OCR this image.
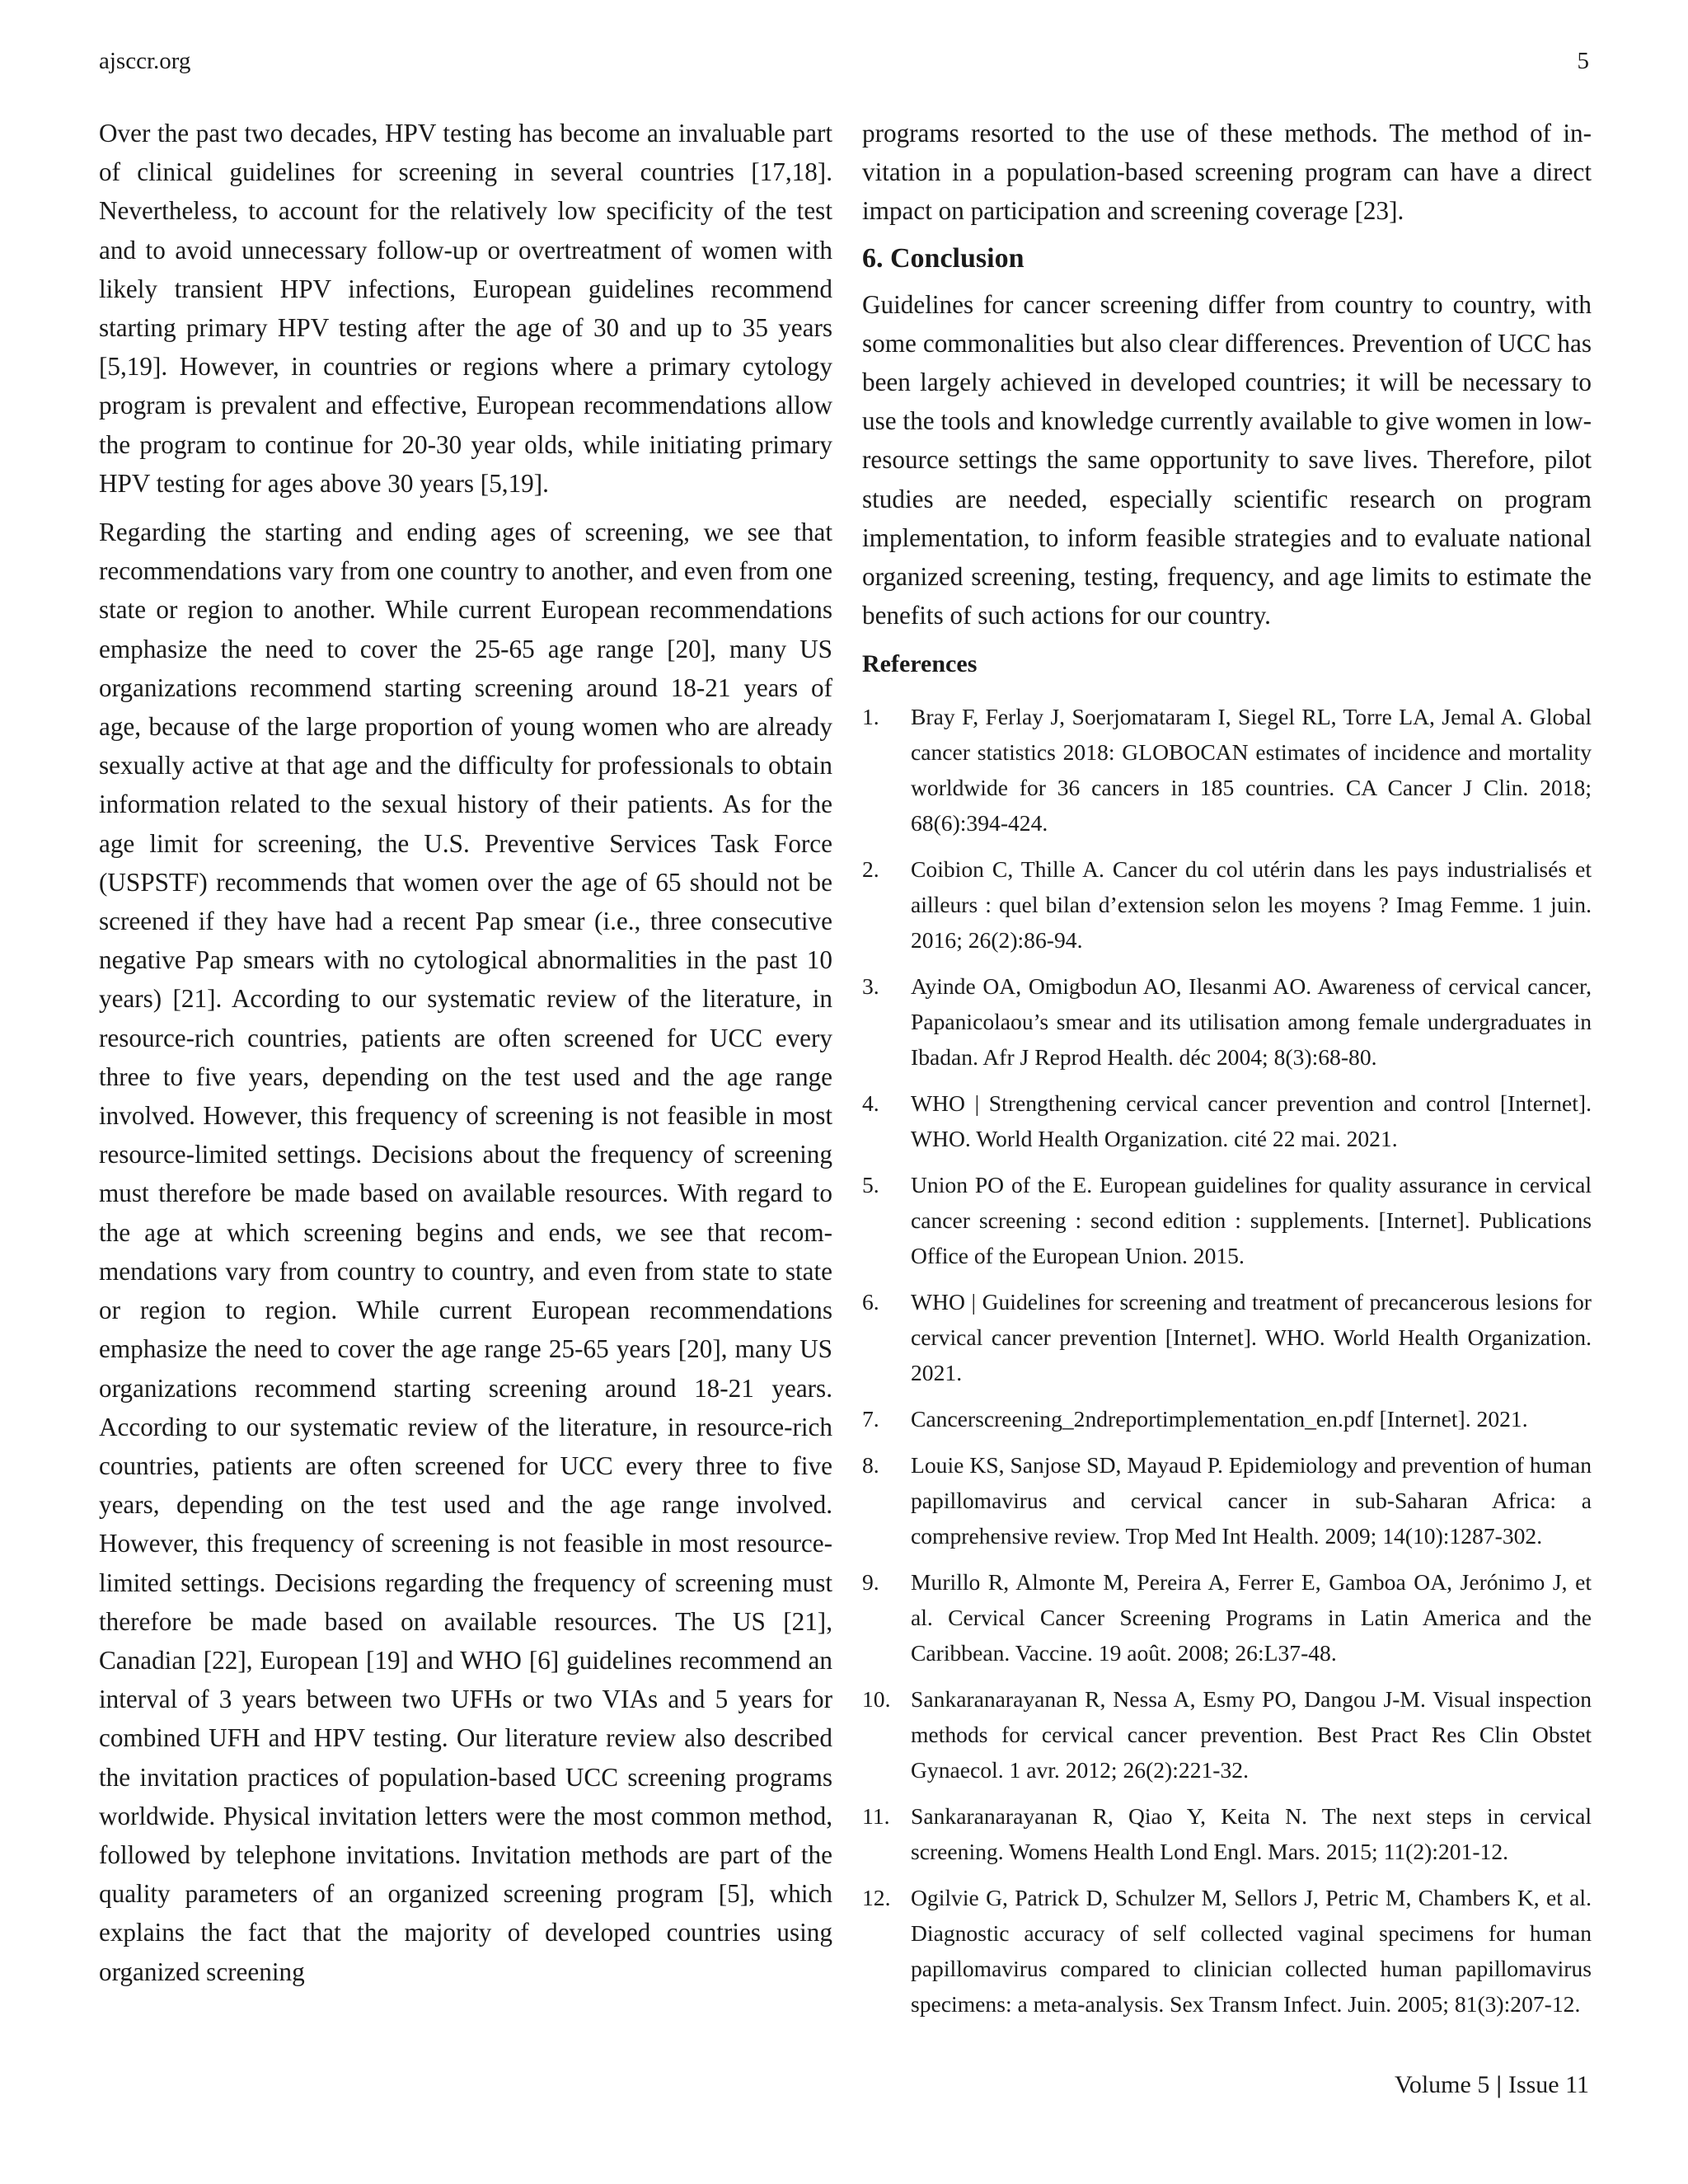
ajsccr.org	5

Over the past two decades, HPV testing has become an invaluable part of clinical guidelines for screening in several countries [17,18]. Nevertheless, to account for the relatively low specificity of the test and to avoid unnecessary follow-up or overtreatment of women with likely transient HPV infections, European guidelines recommend starting primary HPV testing after the age of 30 and up to 35 years [5,19]. However, in countries or regions where a primary cytology program is prevalent and effective, European recommendations allow the program to continue for 20-30 year olds, while initiating primary HPV testing for ages above 30 years [5,19].

Regarding the starting and ending ages of screening, we see that recommendations vary from one country to another, and even from one state or region to another. While current European recommendations emphasize the need to cover the 25-65 age range [20], many US organizations recommend starting screening around 18-21 years of age, because of the large proportion of young women who are already sexually active at that age and the difficulty for professionals to obtain information related to the sexual history of their patients. As for the age limit for screening, the U.S. Preventive Services Task Force (USPSTF) recommends that women over the age of 65 should not be screened if they have had a recent Pap smear (i.e., three consecutive negative Pap smears with no cytological abnormalities in the past 10 years) [21]. According to our systematic review of the literature, in resource-rich countries, patients are often screened for UCC every three to five years, depending on the test used and the age range involved. However, this frequency of screening is not feasible in most resource-limited settings. Decisions about the frequency of screening must therefore be made based on available resources. With regard to the age at which screening begins and ends, we see that recommendations vary from country to country, and even from state to state or region to region. While current European recommendations emphasize the need to cover the age range 25-65 years [20], many US organizations recommend starting screening around 18-21 years. According to our systematic review of the literature, in resource-rich countries, patients are often screened for UCC every three to five years, depending on the test used and the age range involved. However, this frequency of screening is not feasible in most resource-limited settings. Decisions regarding the frequency of screening must therefore be made based on available resources. The US [21], Canadian [22], European [19] and WHO [6] guidelines recommend an interval of 3 years between two UFHs or two VIAs and 5 years for combined UFH and HPV testing. Our literature review also described the invitation practices of population-based UCC screening programs worldwide. Physical invitation letters were the most common method, followed by telephone invitations. Invitation methods are part of the quality parameters of an organized screening program [5], which explains the fact that the majority of developed countries using organized screening

programs resorted to the use of these methods. The method of invitation in a population-based screening program can have a direct impact on participation and screening coverage [23].

6. Conclusion

Guidelines for cancer screening differ from country to country, with some commonalities but also clear differences. Prevention of UCC has been largely achieved in developed countries; it will be necessary to use the tools and knowledge currently available to give women in low-resource settings the same opportunity to save lives. Therefore, pilot studies are needed, especially scientific research on program implementation, to inform feasible strategies and to evaluate national organized screening, testing, frequency, and age limits to estimate the benefits of such actions for our country.

References
1. Bray F, Ferlay J, Soerjomataram I, Siegel RL, Torre LA, Jemal A. Global cancer statistics 2018: GLOBOCAN estimates of incidence and mortality worldwide for 36 cancers in 185 countries. CA Cancer J Clin. 2018; 68(6):394-424.
2. Coibion C, Thille A. Cancer du col utérin dans les pays industrialisés et ailleurs : quel bilan d’extension selon les moyens ? Imag Femme. 1 juin. 2016; 26(2):86-94.
3. Ayinde OA, Omigbodun AO, Ilesanmi AO. Awareness of cervical cancer, Papanicolaou’s smear and its utilisation among female undergraduates in Ibadan. Afr J Reprod Health. déc 2004; 8(3):68-80.
4. WHO | Strengthening cervical cancer prevention and control [Internet]. WHO. World Health Organization. cité 22 mai. 2021.
5. Union PO of the E. European guidelines for quality assurance in cervical cancer screening : second edition : supplements. [Internet]. Publications Office of the European Union. 2015.
6. WHO | Guidelines for screening and treatment of precancerous lesions for cervical cancer prevention [Internet]. WHO. World Health Organization. 2021.
7. Cancerscreening_2ndreportimplementation_en.pdf [Internet]. 2021.
8. Louie KS, Sanjose SD, Mayaud P. Epidemiology and prevention of human papillomavirus and cervical cancer in sub-Saharan Africa: a comprehensive review. Trop Med Int Health. 2009; 14(10):1287-302.
9. Murillo R, Almonte M, Pereira A, Ferrer E, Gamboa OA, Jerónimo J, et al. Cervical Cancer Screening Programs in Latin America and the Caribbean. Vaccine. 19 août. 2008; 26:L37-48.
10. Sankaranarayanan R, Nessa A, Esmy PO, Dangou J-M. Visual inspection methods for cervical cancer prevention. Best Pract Res Clin Obstet Gynaecol. 1 avr. 2012; 26(2):221-32.
11. Sankaranarayanan R, Qiao Y, Keita N. The next steps in cervical screening. Womens Health Lond Engl. Mars. 2015; 11(2):201-12.
12. Ogilvie G, Patrick D, Schulzer M, Sellors J, Petric M, Chambers K, et al. Diagnostic accuracy of self collected vaginal specimens for human papillomavirus compared to clinician collected human papillomavirus specimens: a meta-analysis. Sex Transm Infect. Juin. 2005; 81(3):207-12.
Volume 5 | Issue 11
